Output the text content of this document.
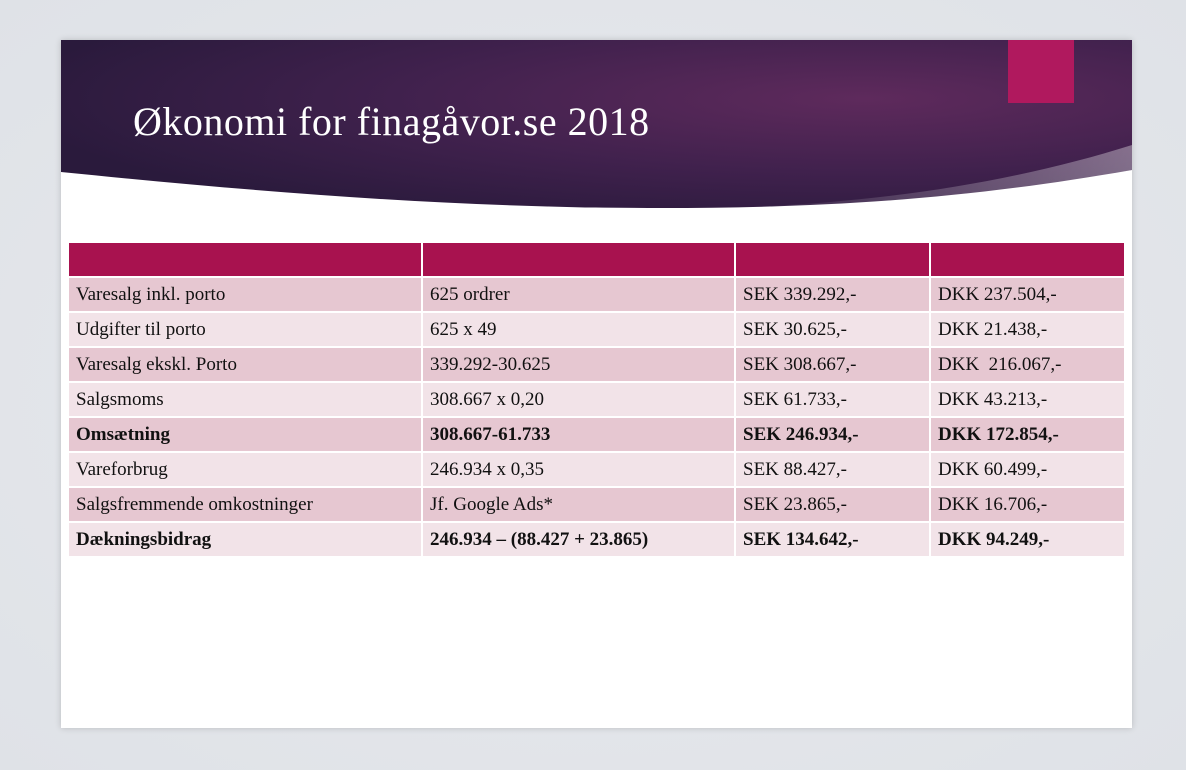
Økonomi for finagåvor.se 2018

Varesalg inkl. porto	625 ordrer	SEK 339.292,-	DKK 237.504,-
Udgifter til porto	625 x 49	SEK 30.625,-	DKK 21.438,-
Varesalg ekskl. Porto	339.292-30.625	SEK 308.667,-	DKK  216.067,-
Salgsmoms	308.667 x 0,20	SEK 61.733,-	DKK 43.213,-
Omsætning	308.667-61.733	SEK 246.934,-	DKK 172.854,-
Vareforbrug	246.934 x 0,35	SEK 88.427,-	DKK 60.499,-
Salgsfremmende omkostninger	Jf. Google Ads*	SEK 23.865,-	DKK 16.706,-
Dækningsbidrag	246.934 – (88.427 + 23.865)	SEK 134.642,-	DKK 94.249,-
